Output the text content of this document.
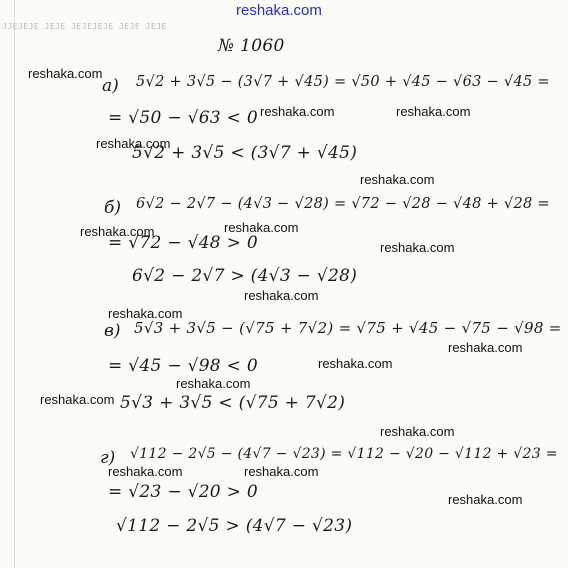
ЈЈЕЈЕЈЕ ЈЕЈЕ ЈЕЈЕЈЕЈЕ ЈЕЈЕ ЈЕЈЕ
reshaka.com
№ 1060
a) 5√2 + 3√5 − (3√7 + √45) = √50 + √45 − √63 − √45 =
= √50 − √63 < 0
5√2 + 3√5 < (3√7 + √45)
б) 6√2 − 2√7 − (4√3 − √28) = √72 − √28 − √48 + √28 =
= √72 − √48 > 0
6√2 − 2√7 > (4√3 − √28)
в) 5√3 + 3√5 − (√75 + 7√2) = √75 + √45 − √75 − √98 =
= √45 − √98 < 0
5√3 + 3√5 < (√75 + 7√2)
г) √112 − 2√5 − (4√7 − √23) = √112 − √20 − √112 + √23 =
= √23 − √20 > 0
√112 − 2√5 > (4√7 − √23)
reshaka.com
reshaka.com	reshaka.com
reshaka.com
reshaka.com
reshaka.com	reshaka.com
reshaka.com
reshaka.com
reshaka.com
reshaka.com
reshaka.com
reshaka.com
reshaka.com
reshaka.com
reshaka.com	reshaka.com
reshaka.com
